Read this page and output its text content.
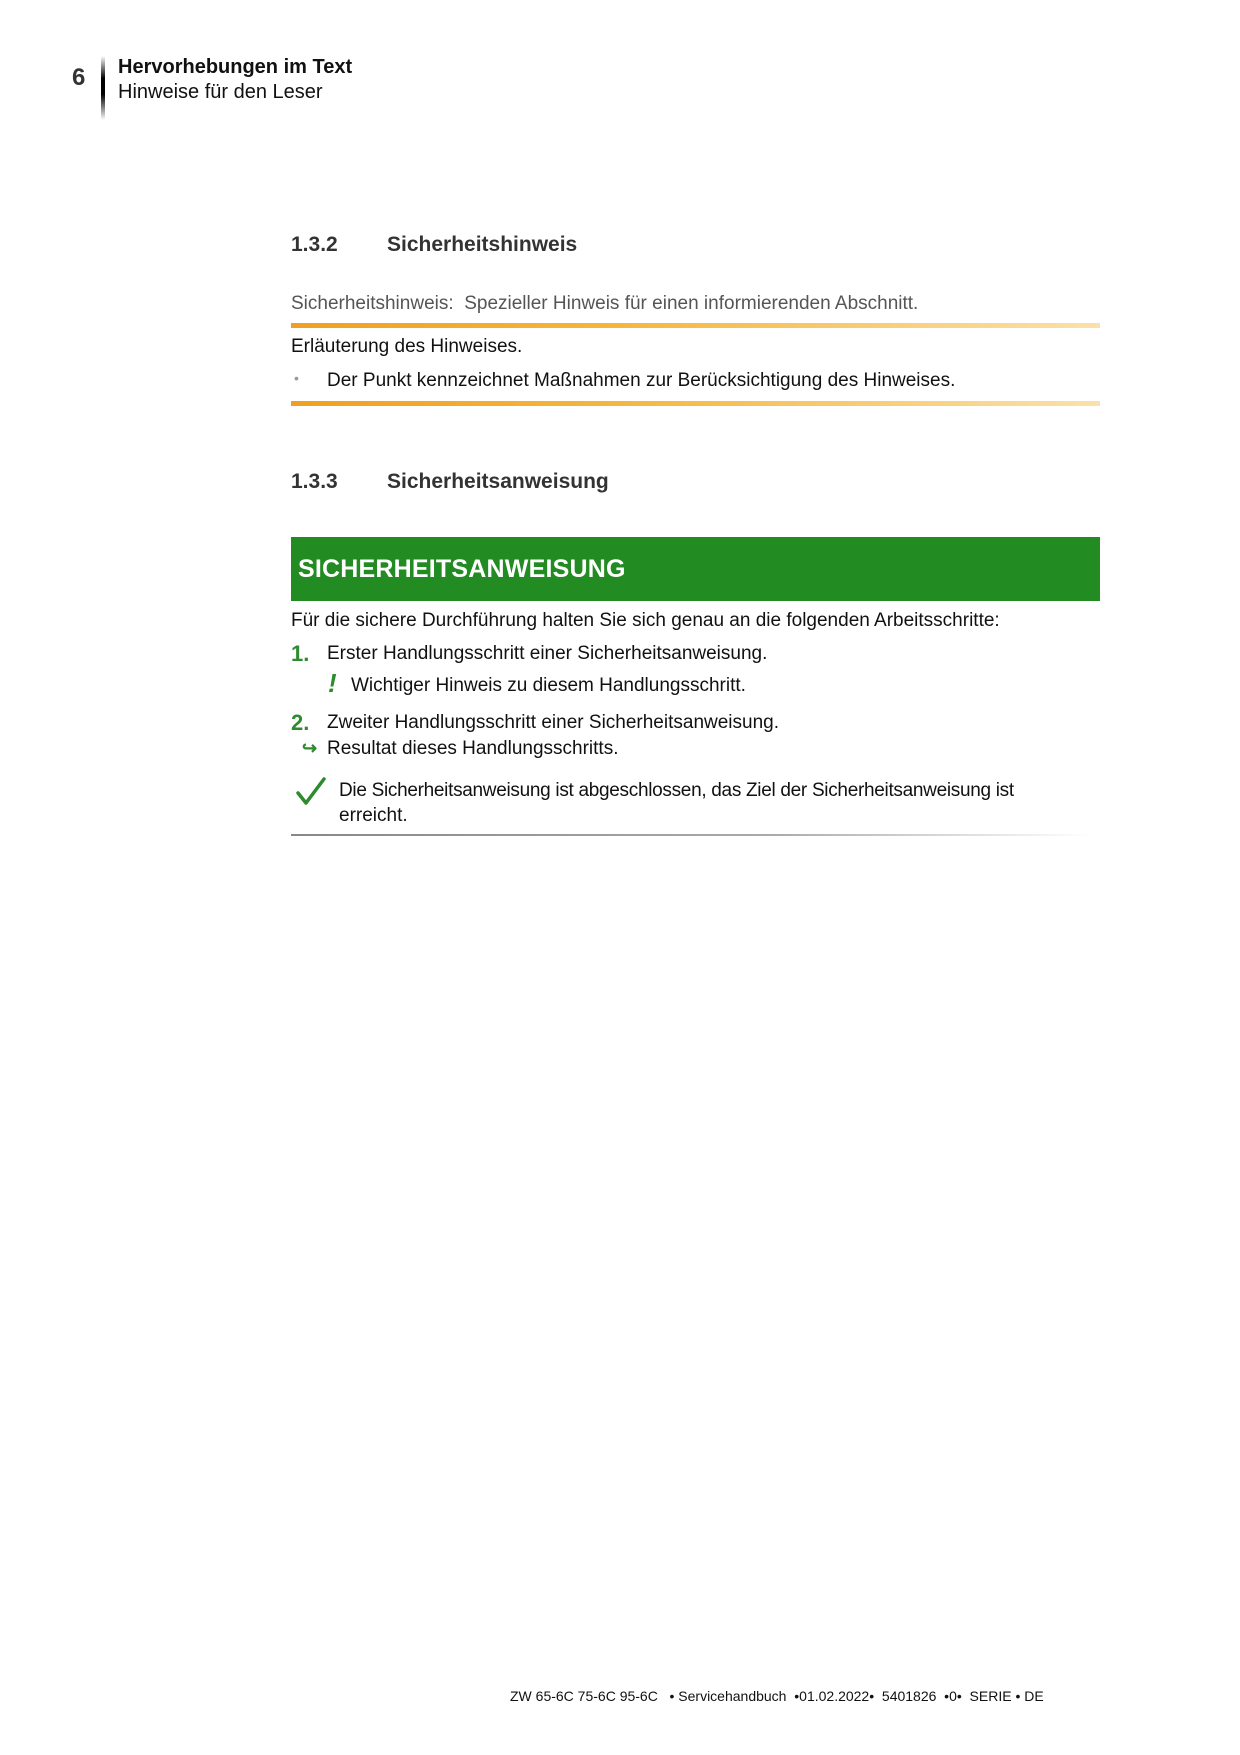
6 Hervorhebungen im Text
Hinweise für den Leser
1.3.2 Sicherheitshinweis
Sicherheitshinweis: Spezieller Hinweis für einen informierenden Abschnitt.
Erläuterung des Hinweises.
• Der Punkt kennzeichnet Maßnahmen zur Berücksichtigung des Hinweises.
1.3.3 Sicherheitsanweisung
SICHERHEITSANWEISUNG
Für die sichere Durchführung halten Sie sich genau an die folgenden Arbeitsschritte:
1. Erster Handlungsschritt einer Sicherheitsanweisung.
! Wichtiger Hinweis zu diesem Handlungsschritt.
2. Zweiter Handlungsschritt einer Sicherheitsanweisung.
↪ Resultat dieses Handlungsschritts.
Die Sicherheitsanweisung ist abgeschlossen, das Ziel der Sicherheitsanweisung ist
erreicht.
ZW 65-6C 75-6C 95-6C   • Servicehandbuch  •01.02.2022•  5401826  •0•  SERIE • DE
